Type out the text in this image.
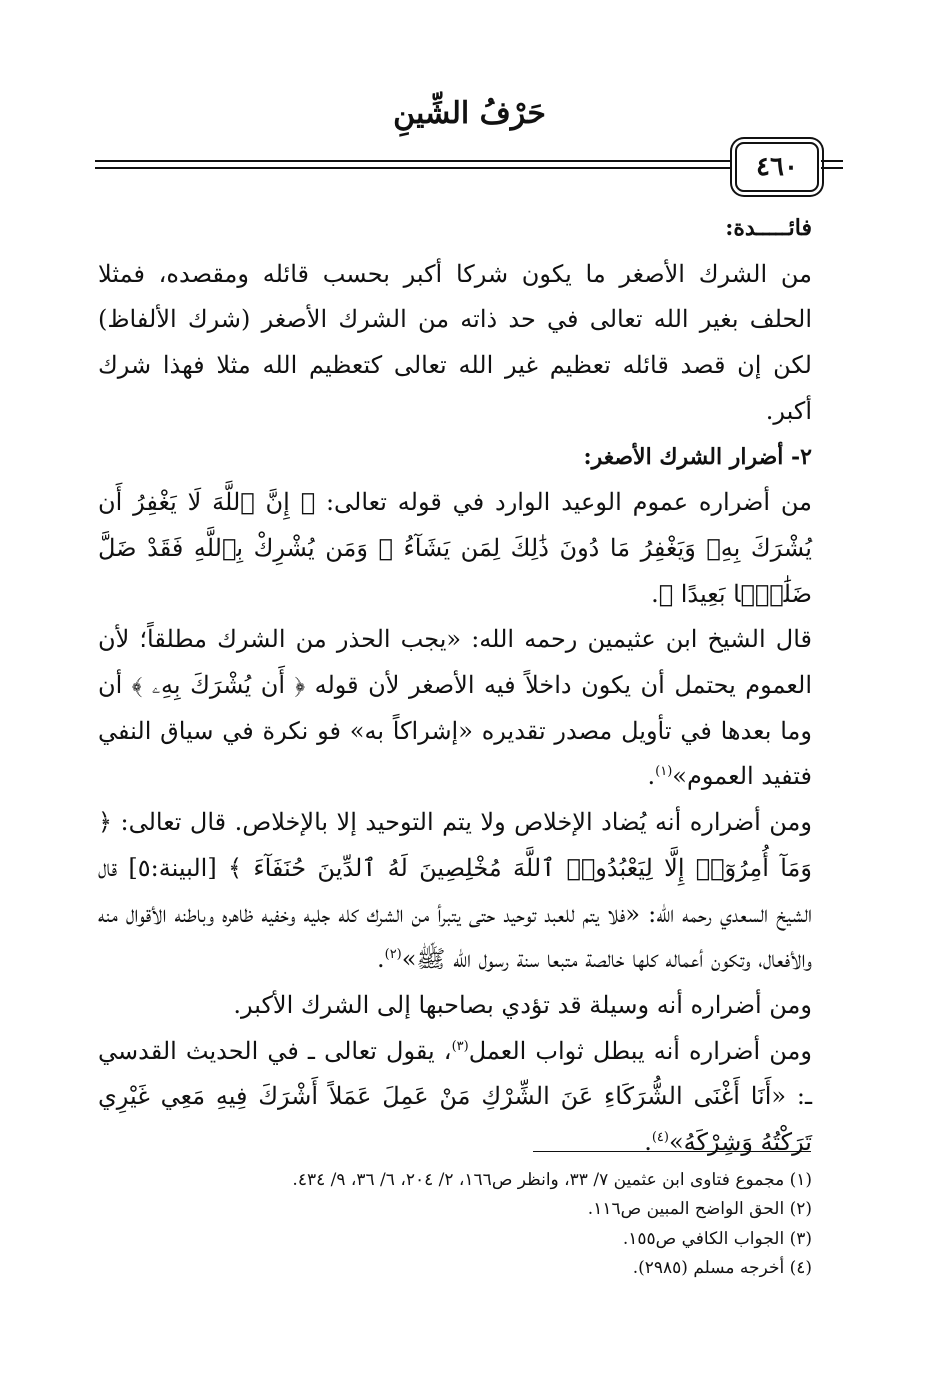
حَرْفُ الشِّينِ
٤٦٠

فائـــــدة:

من الشرك الأصغر ما يكون شركا أكبر بحسب قائله ومقصده، فمثلا الحلف بغير الله تعالى في حد ذاته من الشرك الأصغر (شرك الألفاظ) لكن إن قصد قائله تعظيم غير الله تعالى كتعظيم الله مثلا فهذا شرك أكبر.

٢- أضرار الشرك الأصغر:

من أضراره عموم الوعيد الوارد في قوله تعالى: ﴿ إِنَّ ٱللَّهَ لَا يَغْفِرُ أَن يُشْرَكَ بِهِۦ وَيَغْفِرُ مَا دُونَ ذَٰلِكَ لِمَن يَشَآءُ ۚ وَمَن يُشْرِكْ بِٱللَّهِ فَقَدْ ضَلَّ ضَلَٰلًۢا بَعِيدًا ﴾.

قال الشيخ ابن عثيمين رحمه الله: «يجب الحذر من الشرك مطلقاً؛ لأن العموم يحتمل أن يكون داخلاً فيه الأصغر لأن قوله ﴿ أَن يُشْرَكَ بِهِۦ ﴾ أن وما بعدها في تأويل مصدر تقديره «إشراكاً به» فو نكرة في سياق النفي فتفيد العموم»$^{(١)}$.

ومن أضراره أنه يُضاد الإخلاص ولا يتم التوحيد إلا بالإخلاص. قال تعالى: ﴿ وَمَآ أُمِرُوٓا۟ إِلَّا لِيَعْبُدُوا۟ ٱللَّهَ مُخْلِصِينَ لَهُ ٱلدِّينَ حُنَفَآءَ ﴾ [البينة:٥] قال الشيخ السعدي رحمه الله: «فلا يتم للعبد توحيد حتى يتبرأ من الشرك كله جليه وخفيه ظاهره وباطنه الأقوال منه والأفعال، وتكون أعماله كلها خالصة متبعا سنة رسول الله ﷺ»$^{(٢)}$.

ومن أضراره أنه وسيلة قد تؤدي بصاحبها إلى الشرك الأكبر.

ومن أضراره أنه يبطل ثواب العمل$^{(٣)}$، يقول تعالى ـ في الحديث القدسي ـ: «أَنَا أَغْنَى الشُّرَكَاءِ عَنَ الشِّرْكِ مَنْ عَمِلَ عَمَلاً أَشْرَكَ فِيهِ مَعِي غَيْرِي تَرَكْتُهُ وَشِرْكَهُ»$^{(٤)}$.

(١) مجموع فتاوى ابن عثمين ٧/ ٣٣، وانظر ص١٦٦، ٢/ ٢٠٤، ٦/ ٣٦، ٩/ ٤٣٤.

(٢) الحق الواضح المبين ص١١٦.

(٣) الجواب الكافي ص١٥٥.

(٤) أخرجه مسلم (٢٩٨٥).
